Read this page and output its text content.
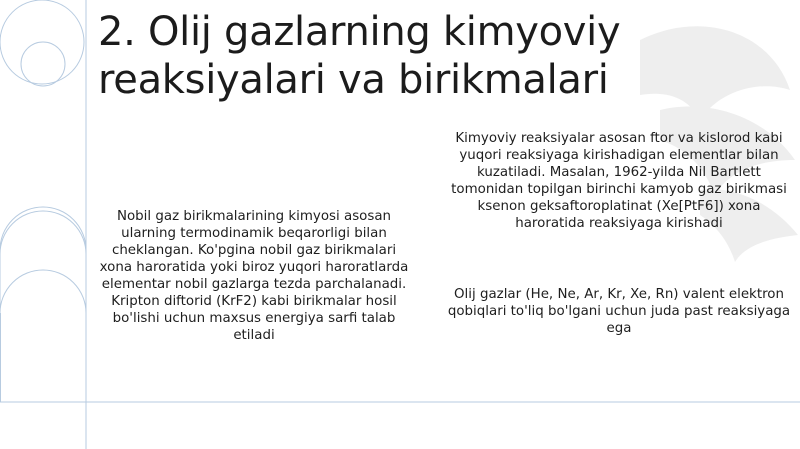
2. Olij gazlarning kimyoviy reaksiyalari va birikmalari

Nobil gaz birikmalarining kimyosi asosan ularning termodinamik beqarorligi bilan cheklangan. Ko'pgina nobil gaz birikmalari xona haroratida yoki biroz yuqori haroratlarda elementar nobil gazlarga tezda parchalanadi. Kripton diftorid (KrF2) kabi birikmalar hosil bo'lishi uchun maxsus energiya sarfi talab etiladi

Kimyoviy reaksiyalar asosan ftor va kislorod kabi yuqori reaksiyaga kirishadigan elementlar bilan kuzatiladi. Masalan, 1962-yilda Nil Bartlett tomonidan topilgan birinchi kamyob gaz birikmasi ksenon geksaftoroplatinat (Xe[PtF6]) xona haroratida reaksiyaga kirishadi

Olij gazlar (He, Ne, Ar, Kr, Xe, Rn) valent elektron qobiqlari to'liq bo'lgani uchun juda past reaksiyaga ega
